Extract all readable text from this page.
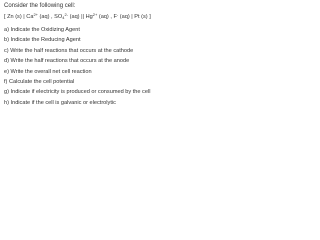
Consider the following cell:

[ Zn (s) | $Ca^{2+}$ (aq) , $SO_4^{2-}$ (aq) || $Hg^{2+}$ (aq) , F- (aq) | Pt (s) ]

a) Indicate the Oxidizing Agent
b) Indicate the Reducing Agent
c) Write the half reactions that occurs at the cathode
d) Write the half reactions that occurs at the anode
e) Write the overall net cell reaction
f) Calculate the cell potential
g) Indicate if electricity is produced or consumed by the cell
h) Indicate if the cell is galvanic or electrolytic
